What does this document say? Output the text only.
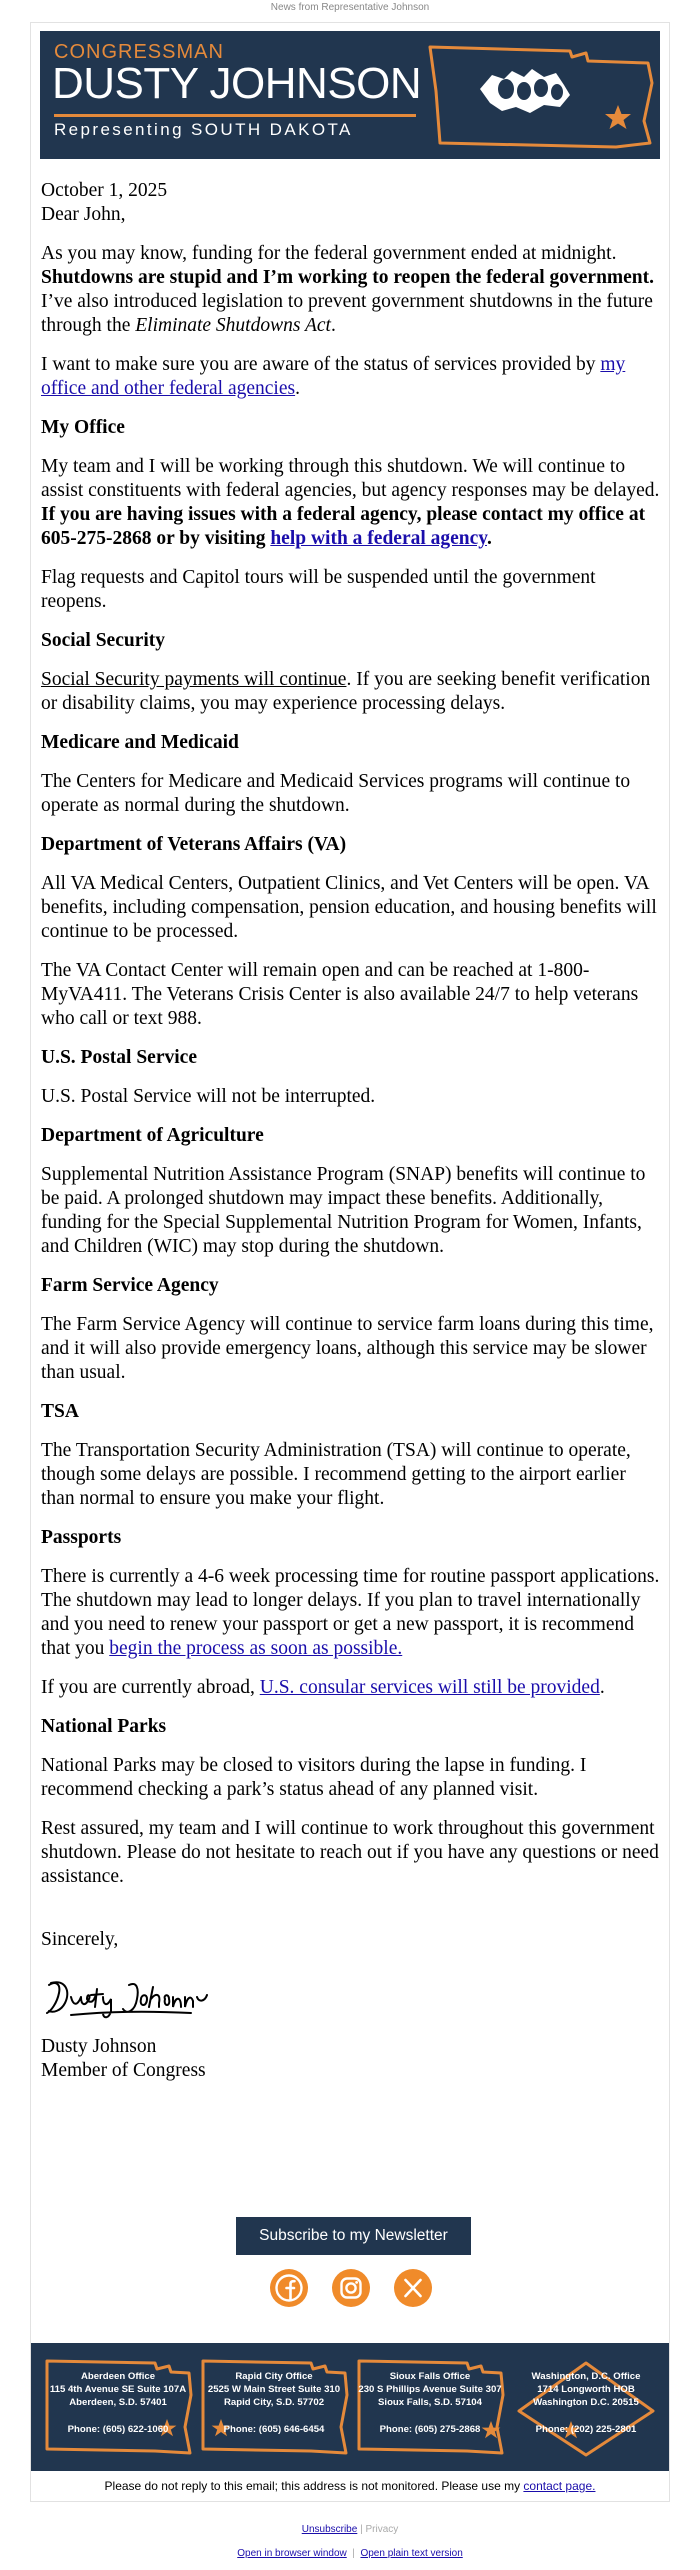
News from Representative Johnson
CONGRESSMAN
DUSTY JOHNSON
Representing SOUTH DAKOTA

October 1, 2025

Dear John,

As you may know, funding for the federal government ended at midnight. Shutdowns are stupid and I’m working to reopen the federal government. I’ve also introduced legislation to prevent government shutdowns in the future through the Eliminate Shutdowns Act.

I want to make sure you are aware of the status of services provided by my office and other federal agencies.

My Office

My team and I will be working through this shutdown. We will continue to assist constituents with federal agencies, but agency responses may be delayed. If you are having issues with a federal agency, please contact my office at 605-275-2868 or by visiting help with a federal agency.

Flag requests and Capitol tours will be suspended until the government reopens.

Social Security

Social Security payments will continue. If you are seeking benefit verification or disability claims, you may experience processing delays.

Medicare and Medicaid

The Centers for Medicare and Medicaid Services programs will continue to operate as normal during the shutdown.

Department of Veterans Affairs (VA)

All VA Medical Centers, Outpatient Clinics, and Vet Centers will be open. VA benefits, including compensation, pension education, and housing benefits will continue to be processed.

The VA Contact Center will remain open and can be reached at 1-800-MyVA411. The Veterans Crisis Center is also available 24/7 to help veterans who call or text 988.

U.S. Postal Service

U.S. Postal Service will not be interrupted.

Department of Agriculture

Supplemental Nutrition Assistance Program (SNAP) benefits will continue to be paid. A prolonged shutdown may impact these benefits. Additionally, funding for the Special Supplemental Nutrition Program for Women, Infants, and Children (WIC) may stop during the shutdown.

Farm Service Agency

The Farm Service Agency will continue to service farm loans during this time, and it will also provide emergency loans, although this service may be slower than usual.

TSA

The Transportation Security Administration (TSA) will continue to operate, though some delays are possible. I recommend getting to the airport earlier than normal to ensure you make your flight.

Passports

There is currently a 4-6 week processing time for routine passport applications. The shutdown may lead to longer delays. If you plan to travel internationally and you need to renew your passport or get a new passport, it is recommend that you begin the process as soon as possible.

If you are currently abroad, U.S. consular services will still be provided.

National Parks

National Parks may be closed to visitors during the lapse in funding. I recommend checking a park’s status ahead of any planned visit.

Rest assured, my team and I will continue to work throughout this government shutdown. Please do not hesitate to reach out if you have any questions or need assistance.

Sincerely,

Dusty Johnson

Member of Congress

Subscribe to my Newsletter
Aberdeen Office
115 4th Avenue SE Suite 107A
Aberdeen, S.D. 57401
Phone: (605) 622-1060
Rapid City Office
2525 W Main Street Suite 310
Rapid City, S.D. 57702
Phone: (605) 646-6454
Sioux Falls Office
230 S Phillips Avenue Suite 307
Sioux Falls, S.D. 57104
Phone: (605) 275-2868
Washington, D.C. Office
1714 Longworth HOB
Washington D.C. 20515
Phone: (202) 225-2801
Please do not reply to this email; this address is not monitored. Please use my contact page.
Unsubscribe | Privacy
Open in browser window  |  Open plain text version
